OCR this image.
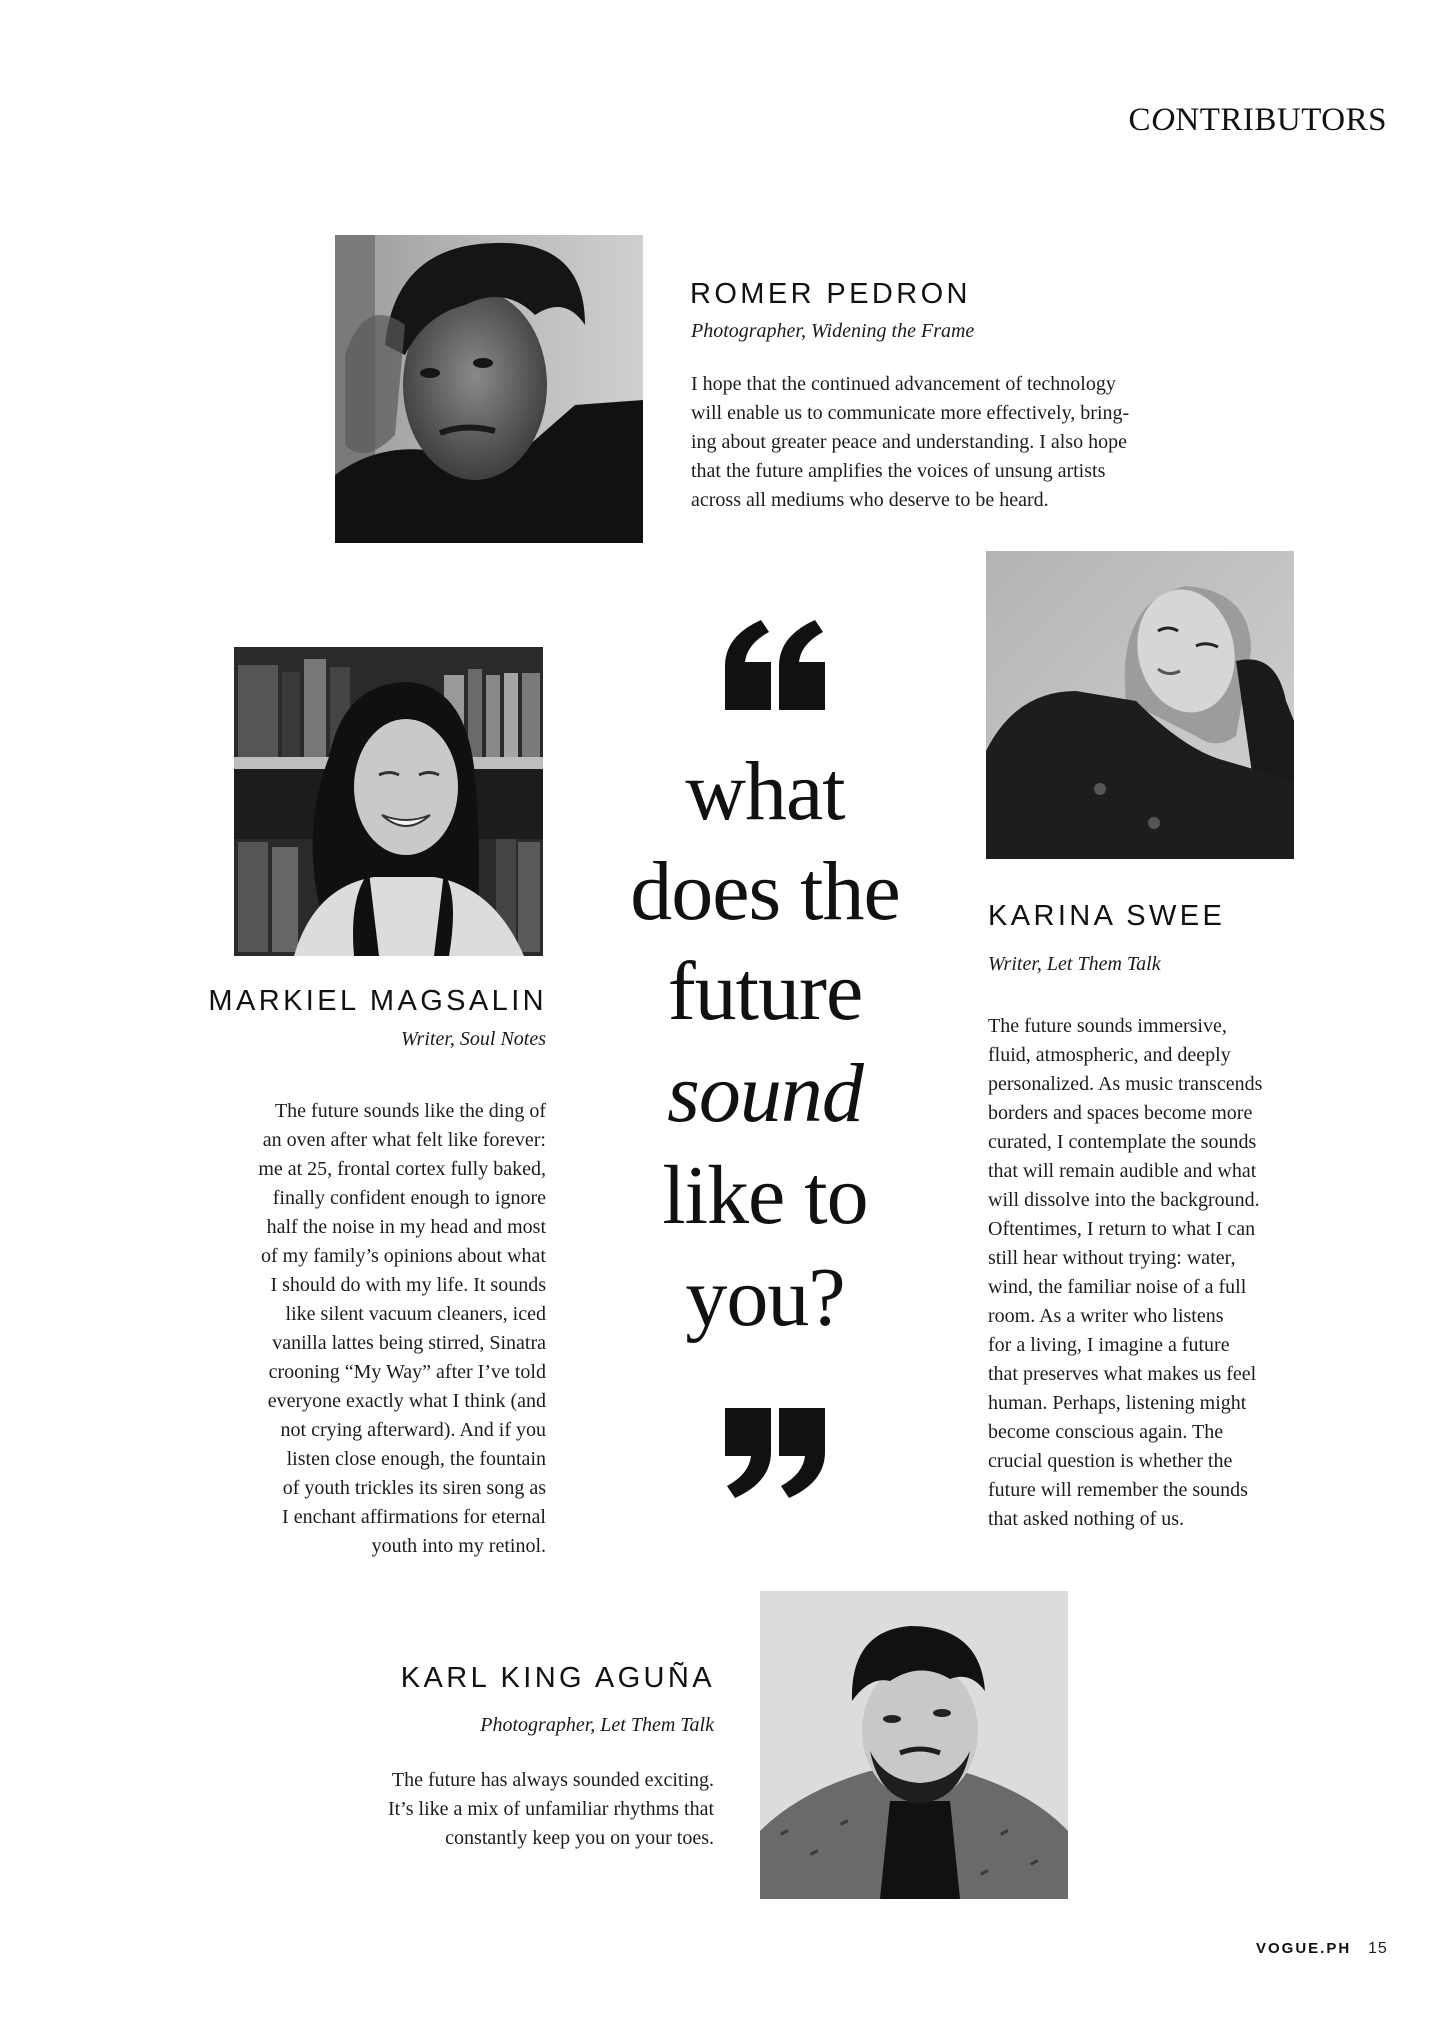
CONTRIBUTORS
ROMER PEDRON
Photographer, Widening the Frame
I hope that the continued advancement of technology
will enable us to communicate more effectively, bring-
ing about greater peace and understanding. I also hope
that the future amplifies the voices of unsung artists
across all mediums who deserve to be heard.
MARKIEL MAGSALIN
Writer, Soul Notes
The future sounds like the ding of
an oven after what felt like forever:
me at 25, frontal cortex fully baked,
finally confident enough to ignore
half the noise in my head and most
of my family’s opinions about what
I should do with my life. It sounds
like silent vacuum cleaners, iced
vanilla lattes being stirred, Sinatra
crooning “My Way” after I’ve told
everyone exactly what I think (and
not crying afterward). And if you
listen close enough, the fountain
of youth trickles its siren song as
I enchant affirmations for eternal
youth into my retinol.
what
does the
future
sound
like to
you?
KARINA SWEE
Writer, Let Them Talk
The future sounds immersive,
fluid, atmospheric, and deeply
personalized. As music transcends
borders and spaces become more
curated, I contemplate the sounds
that will remain audible and what
will dissolve into the background.
Oftentimes, I return to what I can
still hear without trying: water,
wind, the familiar noise of a full
room. As a writer who listens
for a living, I imagine a future
that preserves what makes us feel
human. Perhaps, listening might
become conscious again. The
crucial question is whether the
future will remember the sounds
that asked nothing of us.
KARL KING AGUÑA
Photographer, Let Them Talk
The future has always sounded exciting.
It’s like a mix of unfamiliar rhythms that
constantly keep you on your toes.
VOGUE.PH 15
